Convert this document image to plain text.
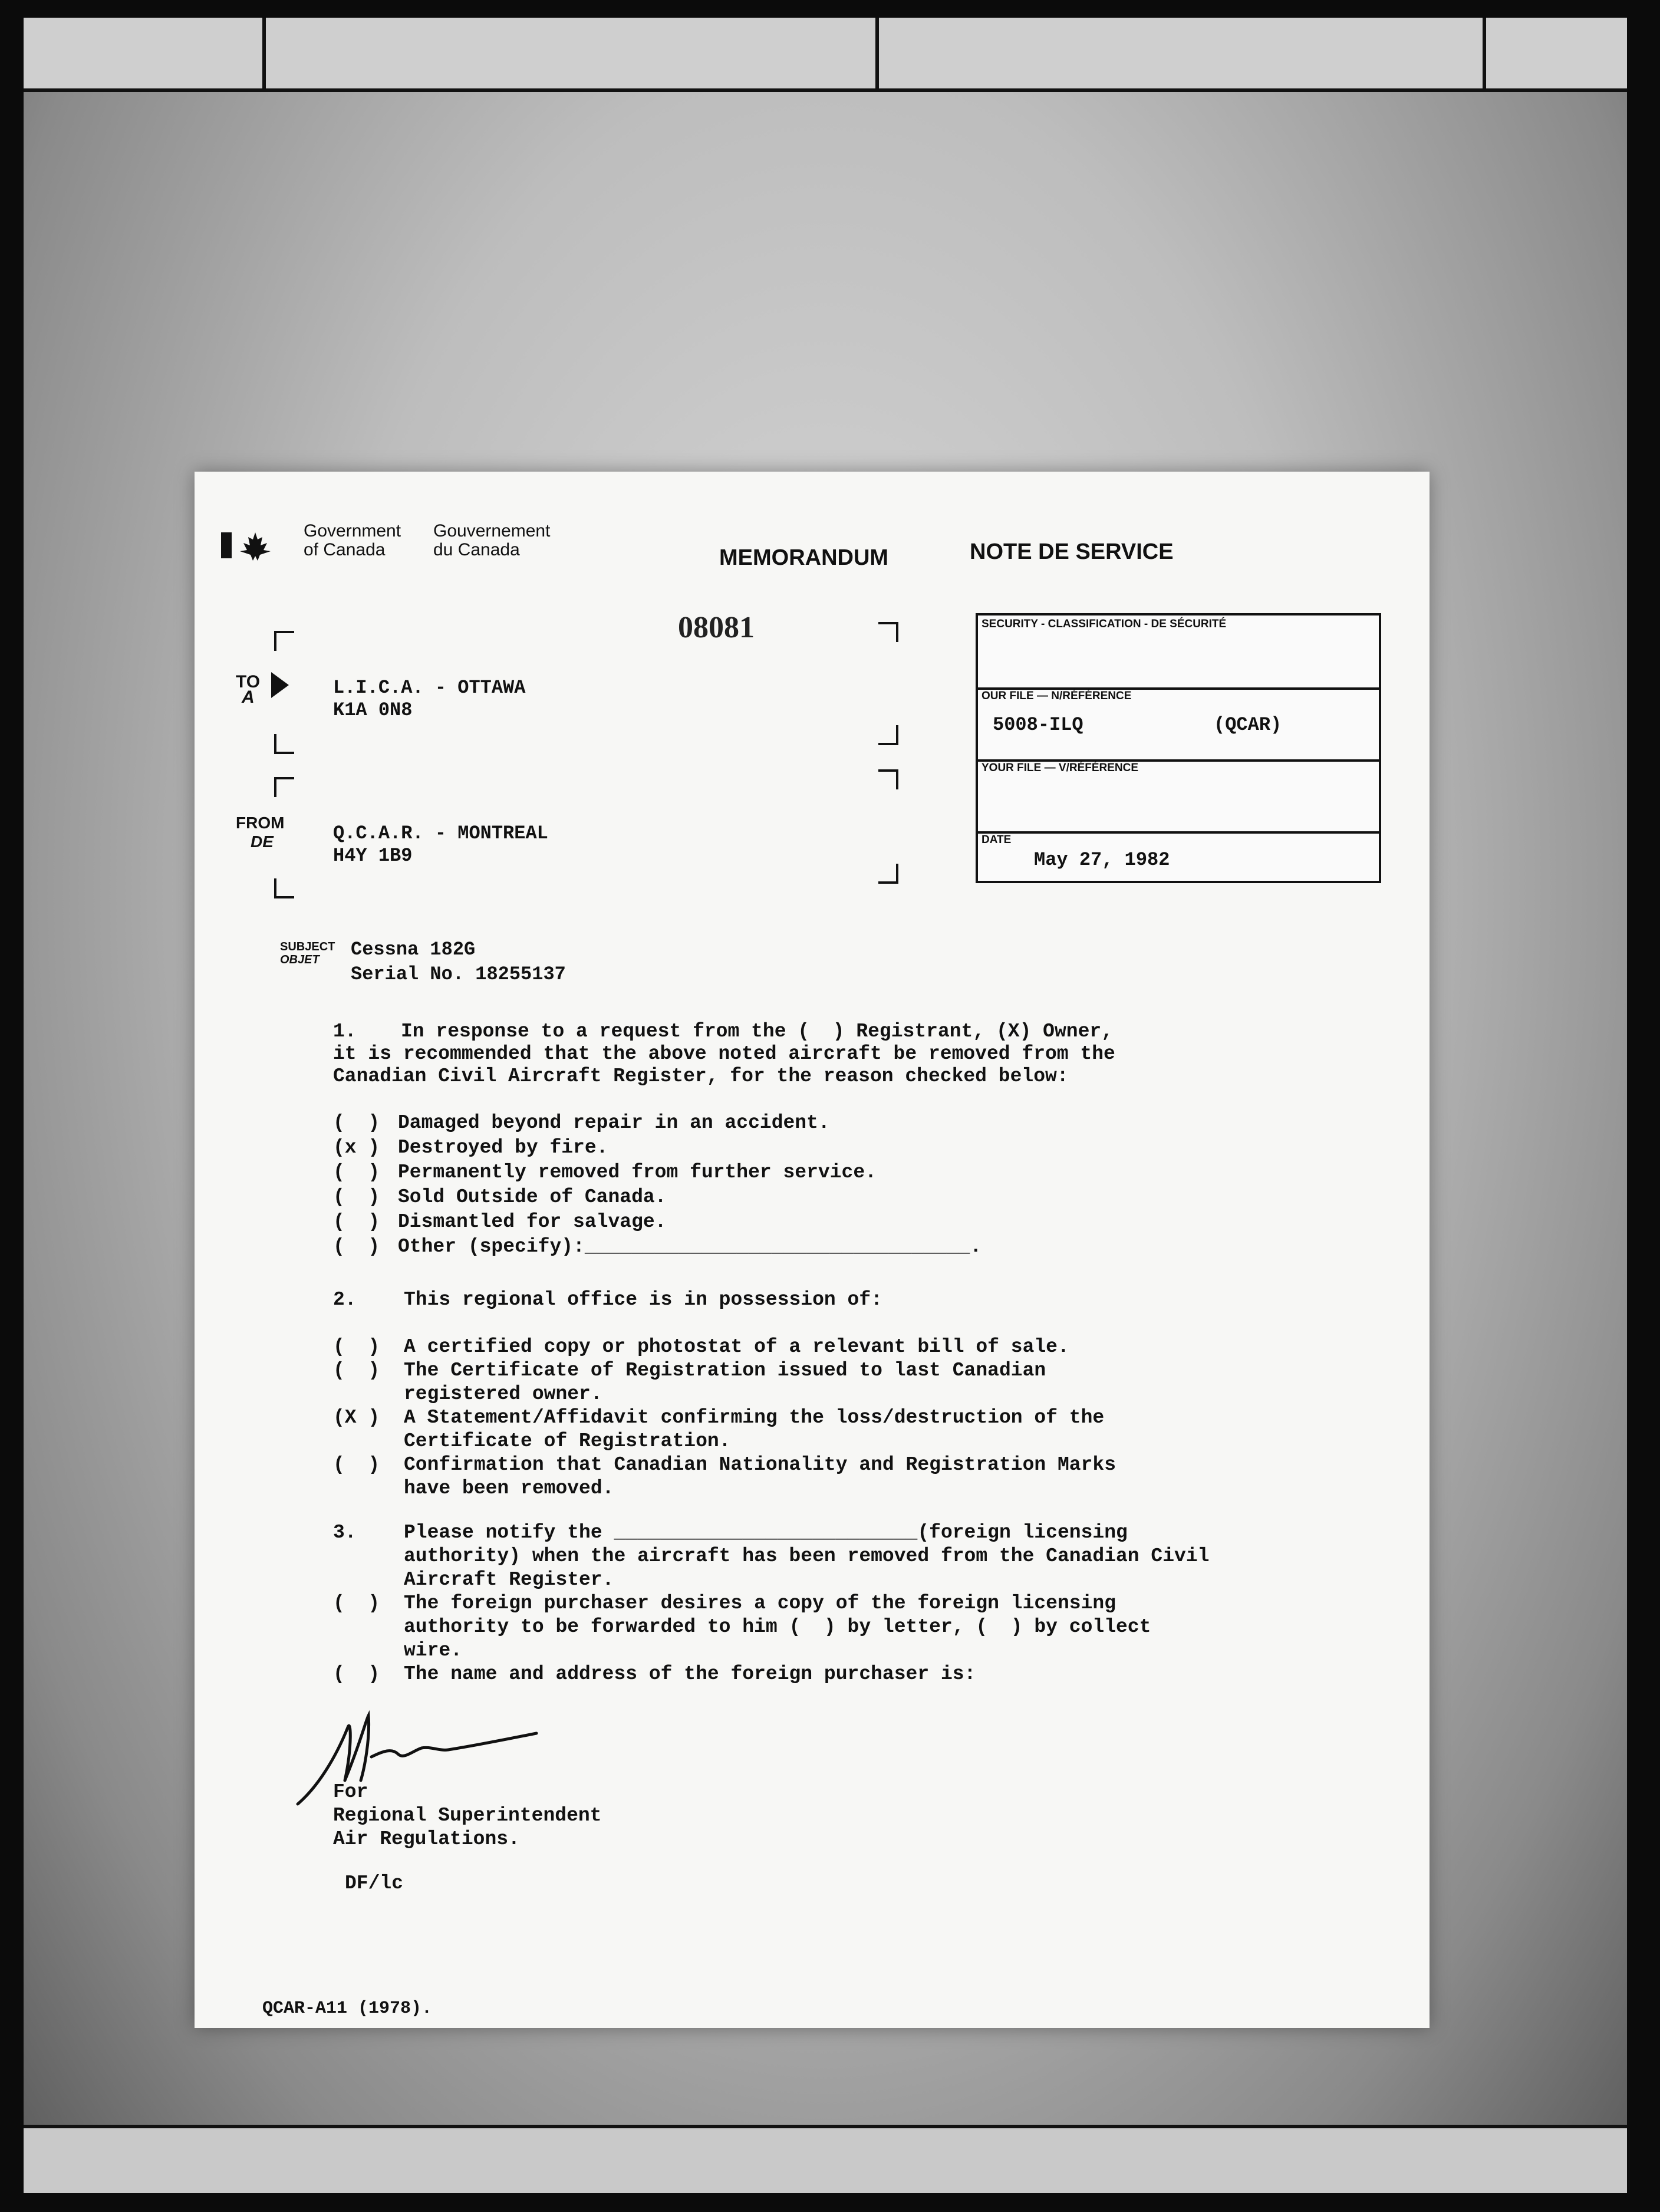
Government
of Canada
Gouvernement
du Canada	MEMORANDUM	NOTE DE SERVICE
08081
TO
A	L.I.C.A. - OTTAWA
K1A 0N8
FROM
DE	Q.C.A.R. - MONTREAL
H4Y 1B9
SECURITY - CLASSIFICATION - DE SÉCURITÉ
OUR FILE — N/RÉFÉRENCE
5008-ILQ	(QCAR)
YOUR FILE — V/RÉFÉRENCE
DATE
May 27, 1982
SUBJECT
OBJET	Cessna 182G
Serial No. 18255137
1. In response to a request from the (  ) Registrant, (X) Owner,
it is recommended that the above noted aircraft be removed from the
Canadian Civil Aircraft Register, for the reason checked below:
(  ) Damaged beyond repair in an accident.
(x ) Destroyed by fire.
(  ) Permanently removed from further service.
(  ) Sold Outside of Canada.
(  ) Dismantled for salvage.
(  ) Other (specify):_________________________________.
2. This regional office is in possession of:
(  )	A certified copy or photostat of a relevant bill of sale.
(  )	The Certificate of Registration issued to last Canadian
registered owner.
(X )	A Statement/Affidavit confirming the loss/destruction of the
Certificate of Registration.
(  )	Confirmation that Canadian Nationality and Registration Marks
have been removed.
3. Please notify the __________________________(foreign licensing
authority) when the aircraft has been removed from the Canadian Civil
Aircraft Register.
(  )	The foreign purchaser desires a copy of the foreign licensing
authority to be forwarded to him (  ) by letter, (  ) by collect
wire.
(  )	The name and address of the foreign purchaser is:
For
Regional Superintendent
Air Regulations.
DF/lc
QCAR-A11 (1978).
